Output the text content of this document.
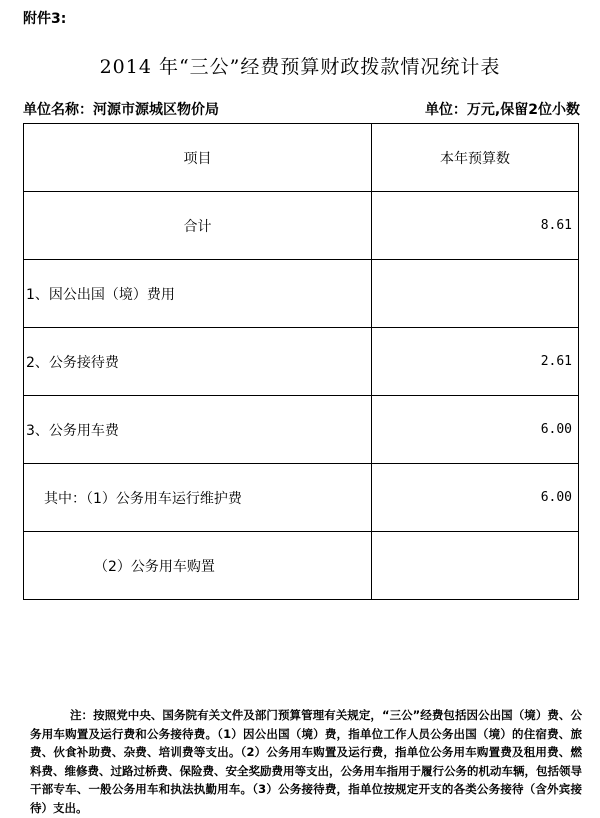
附件3:
2014 年“三公”经费预算财政拨款情况统计表
单位名称：河源市源城区物价局	单位：万元,保留2位小数
项目	本年预算数
合计	8.61
1、因公出国（境）费用	
2、公务接待费	2.61
3、公务用车费	6.00
其中：（1）公务用车运行维护费	6.00
（2）公务用车购置	
注：按照党中央、国务院有关文件及部门预算管理有关规定，“三公”经费包括因公出国（境）费、公务用车购置及运行费和公务接待费。（1）因公出国（境）费，指单位工作人员公务出国（境）的住宿费、旅费、伙食补助费、杂费、培训费等支出。（2）公务用车购置及运行费，指单位公务用车购置费及租用费、燃料费、维修费、过路过桥费、保险费、安全奖励费用等支出，公务用车指用于履行公务的机动车辆，包括领导干部专车、一般公务用车和执法执勤用车。（3）公务接待费，指单位按规定开支的各类公务接待（含外宾接待）支出。
